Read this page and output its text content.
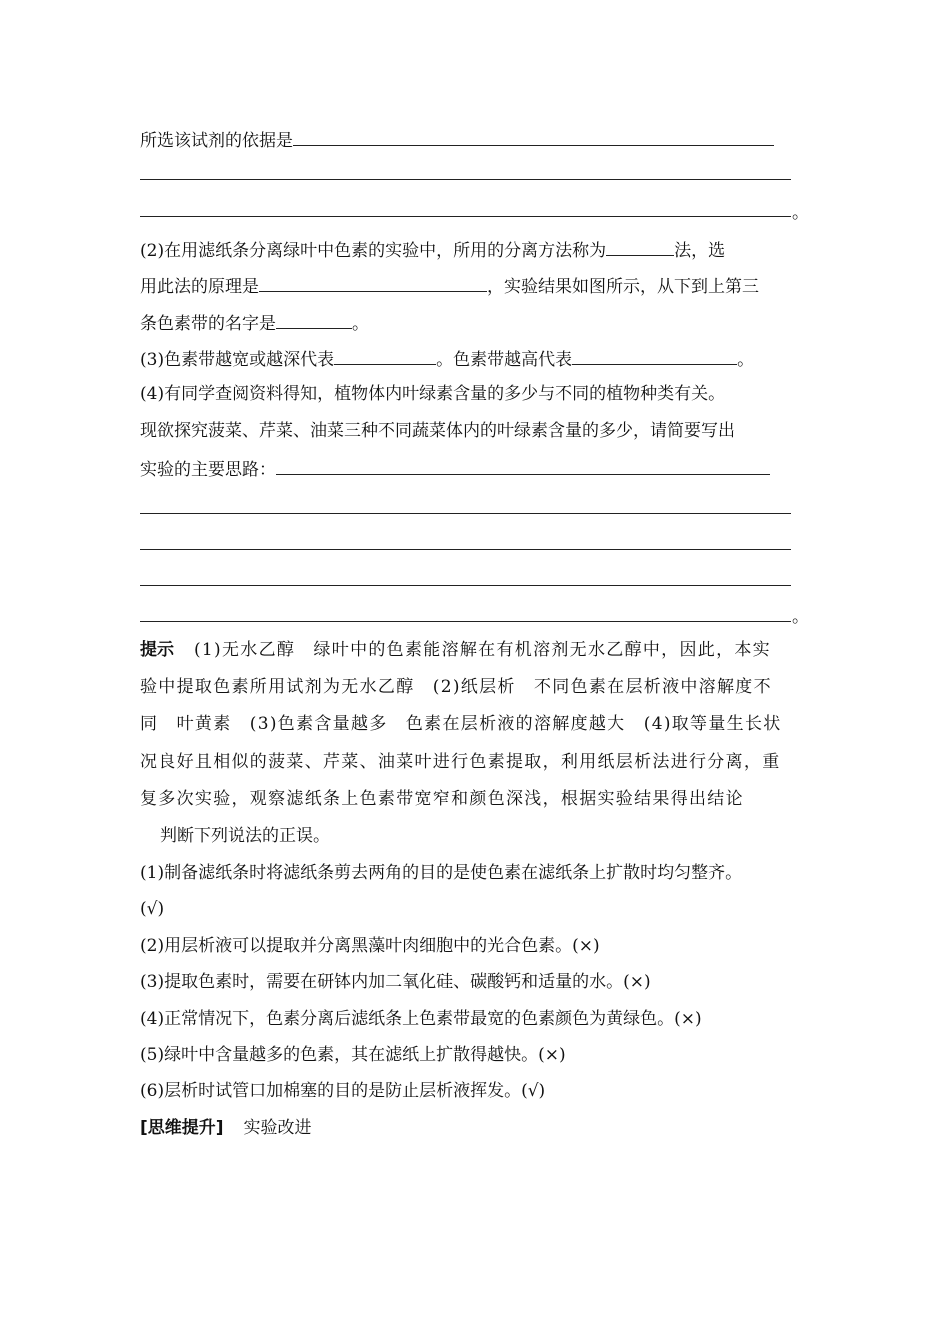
所选该试剂的依据是
。
(2)在用滤纸条分离绿叶中色素的实验中，所用的分离方法称为	法，选
用此法的原理是	，实验结果如图所示，从下到上第三
条色素带的名字是	。
(3)色素带越宽或越深代表	。色素带越高代表	。
(4)有同学查阅资料得知，植物体内叶绿素含量的多少与不同的植物种类有关。
现欲探究菠菜、芹菜、油菜三种不同蔬菜体内的叶绿素含量的多少，请简要写出
实验的主要思路：
。
提示 (1)无水乙醇　绿叶中的色素能溶解在有机溶剂无水乙醇中，因此，本实
验中提取色素所用试剂为无水乙醇　(2)纸层析　不同色素在层析液中溶解度不
同　叶黄素　(3)色素含量越多　色素在层析液的溶解度越大　(4)取等量生长状
况良好且相似的菠菜、芹菜、油菜叶进行色素提取，利用纸层析法进行分离，重
复多次实验，观察滤纸条上色素带宽窄和颜色深浅，根据实验结果得出结论
判断下列说法的正误。
(1)制备滤纸条时将滤纸条剪去两角的目的是使色素在滤纸条上扩散时均匀整齐。
(√)
(2)用层析液可以提取并分离黑藻叶肉细胞中的光合色素。(×)
(3)提取色素时，需要在研钵内加二氧化硅、碳酸钙和适量的水。(×)
(4)正常情况下，色素分离后滤纸条上色素带最宽的色素颜色为黄绿色。(×)
(5)绿叶中含量越多的色素，其在滤纸上扩散得越快。(×)
(6)层析时试管口加棉塞的目的是防止层析液挥发。(√)
[思维提升] 实验改进
